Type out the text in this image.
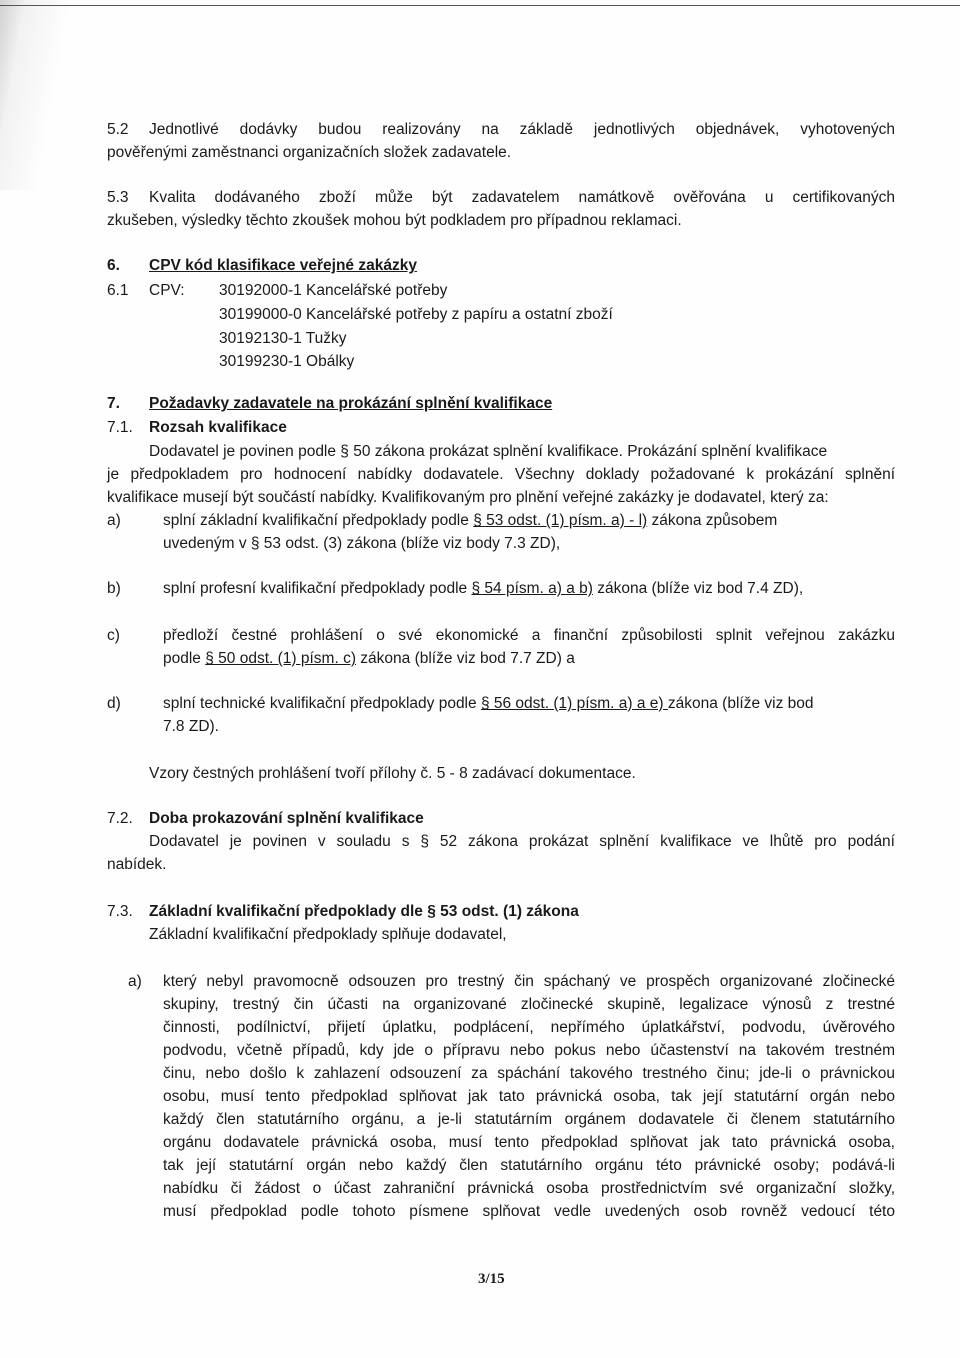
5.2 Jednotlivé dodávky budou realizovány na základě jednotlivých objednávek, vyhotovených
pověřenými zaměstnanci organizačních složek zadavatele.
5.3 Kvalita dodávaného zboží může být zadavatelem namátkově ověřována u certifikovaných
zkušeben, výsledky těchto zkoušek mohou být podkladem pro případnou reklamaci.
6. CPV kód klasifikace veřejné zakázky
6.1 CPV: 30192000-1 Kancelářské potřeby
30199000-0 Kancelářské potřeby z papíru a ostatní zboží
30192130-1 Tužky
30199230-1 Obálky
7. Požadavky zadavatele na prokázání splnění kvalifikace
7.1. Rozsah kvalifikace
Dodavatel je povinen podle § 50 zákona prokázat splnění kvalifikace. Prokázání splnění kvalifikace
je předpokladem pro hodnocení nabídky dodavatele. Všechny doklady požadované k prokázání splnění
kvalifikace musejí být součástí nabídky. Kvalifikovaným pro plnění veřejné zakázky je dodavatel, který za:
a)	splní základní kvalifikační předpoklady podle § 53 odst. (1) písm. a) - l) zákona způsobem
uvedeným v § 53 odst. (3) zákona (blíže viz body 7.3 ZD),
b)	splní profesní kvalifikační předpoklady podle § 54 písm. a) a b) zákona (blíže viz bod 7.4 ZD),
c)	předloží čestné prohlášení o své ekonomické a finanční způsobilosti splnit veřejnou zakázku
podle § 50 odst. (1) písm. c) zákona (blíže viz bod 7.7 ZD) a
d)	splní technické kvalifikační předpoklady podle § 56 odst. (1) písm. a) a e) zákona (blíže viz bod
7.8 ZD).
Vzory čestných prohlášení tvoří přílohy č. 5 - 8 zadávací dokumentace.
7.2. Doba prokazování splnění kvalifikace
Dodavatel je povinen v souladu s § 52 zákona prokázat splnění kvalifikace ve lhůtě pro podání
nabídek.
7.3. Základní kvalifikační předpoklady dle § 53 odst. (1) zákona
Základní kvalifikační předpoklady splňuje dodavatel,
a) který nebyl pravomocně odsouzen pro trestný čin spáchaný ve prospěch organizované zločinecké
skupiny, trestný čin účasti na organizované zločinecké skupině, legalizace výnosů z trestné
činnosti, podílnictví, přijetí úplatku, podplácení, nepřímého úplatkářství, podvodu, úvěrového
podvodu, včetně případů, kdy jde o přípravu nebo pokus nebo účastenství na takovém trestném
činu, nebo došlo k zahlazení odsouzení za spáchání takového trestného činu; jde-li o právnickou
osobu, musí tento předpoklad splňovat jak tato právnická osoba, tak její statutární orgán nebo
každý člen statutárního orgánu, a je-li statutárním orgánem dodavatele či členem statutárního
orgánu dodavatele právnická osoba, musí tento předpoklad splňovat jak tato právnická osoba,
tak její statutární orgán nebo každý člen statutárního orgánu této právnické osoby; podává-li
nabídku či žádost o účast zahraniční právnická osoba prostřednictvím své organizační složky,
musí předpoklad podle tohoto písmene splňovat vedle uvedených osob rovněž vedoucí této
3/15
